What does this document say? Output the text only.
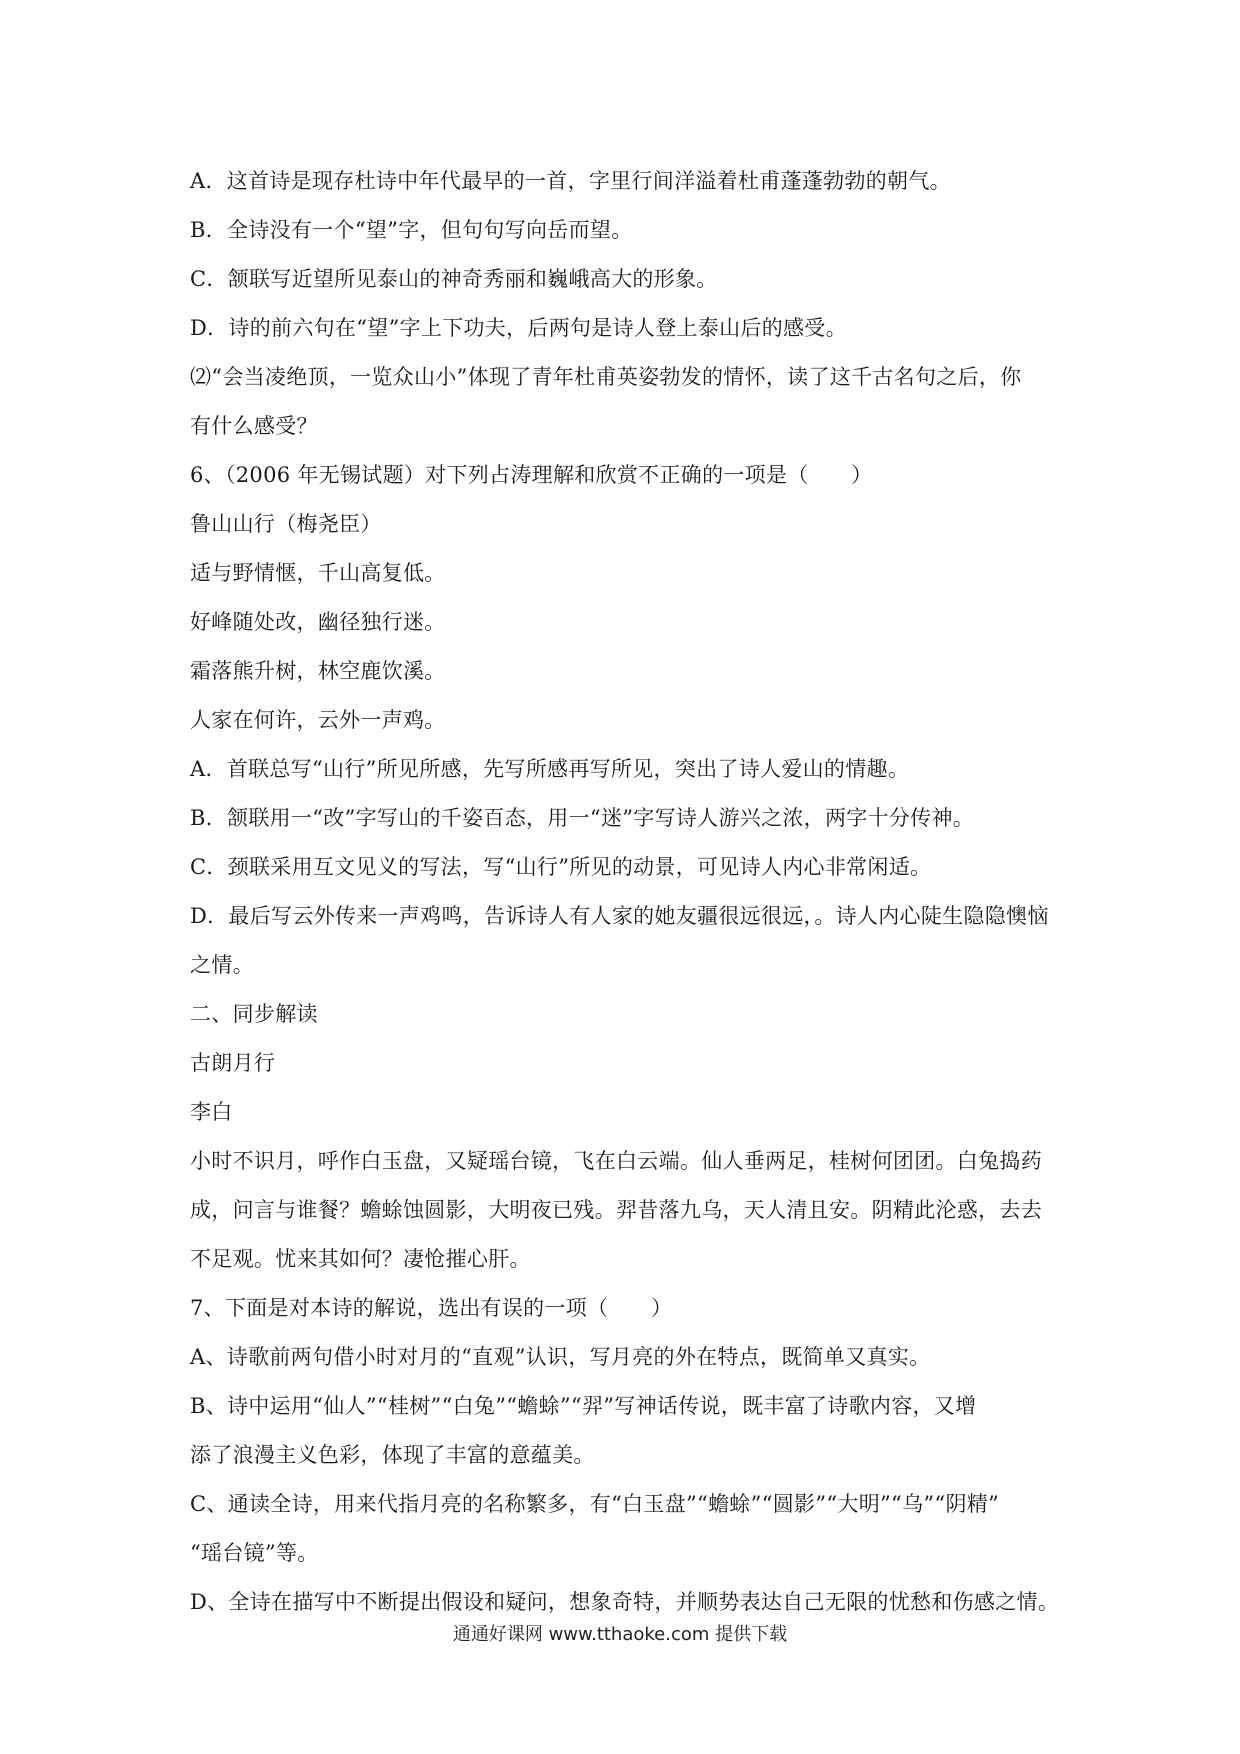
A．这首诗是现存杜诗中年代最早的一首，字里行间洋溢着杜甫蓬蓬勃勃的朝气。
B．全诗没有一个“望”字，但句句写向岳而望。
C．颔联写近望所见泰山的神奇秀丽和巍峨高大的形象。
D．诗的前六句在“望”字上下功夫，后两句是诗人登上泰山后的感受。
⑵“会当凌绝顶，一览众山小”体现了青年杜甫英姿勃发的情怀，读了这千古名句之后，你
有什么感受？
6、（2006 年无锡试题）对下列占涛理解和欣赏不正确的一项是（　　）
鲁山山行（梅尧臣）
适与野情惬，千山高复低。
好峰随处改，幽径独行迷。
霜落熊升树，林空鹿饮溪。
人家在何许，云外一声鸡。
A．首联总写“山行”所见所感，先写所感再写所见，突出了诗人爱山的情趣。
B．颔联用一“改”字写山的千姿百态，用一“迷”字写诗人游兴之浓，两字十分传神。
C．颈联采用互文见义的写法，写“山行”所见的动景，可见诗人内心非常闲适。
D．最后写云外传来一声鸡鸣，告诉诗人有人家的她友疆很远很远，。诗人内心陡生隐隐懊恼
之情。
二、同步解读
古朗月行
李白
小时不识月，呼作白玉盘，又疑瑶台镜，飞在白云端。仙人垂两足，桂树何团团。白兔捣药
成，问言与谁餐？蟾蜍蚀圆影，大明夜已残。羿昔落九乌，天人清且安。阴精此沦惑，去去
不足观。忧来其如何？凄怆摧心肝。
7、下面是对本诗的解说，选出有误的一项（　　）
A、诗歌前两句借小时对月的“直观”认识，写月亮的外在特点，既简单又真实。
B、诗中运用“仙人”“桂树”“白兔”“蟾蜍”“羿”写神话传说，既丰富了诗歌内容，又增
添了浪漫主义色彩，体现了丰富的意蕴美。
C、通读全诗，用来代指月亮的名称繁多，有“白玉盘”“蟾蜍”“圆影”“大明”“乌”“阴精”
“瑶台镜”等。
D、全诗在描写中不断提出假设和疑问，想象奇特，并顺势表达自己无限的忧愁和伤感之情。
通通好课网 www.tthaoke.com 提供下载
